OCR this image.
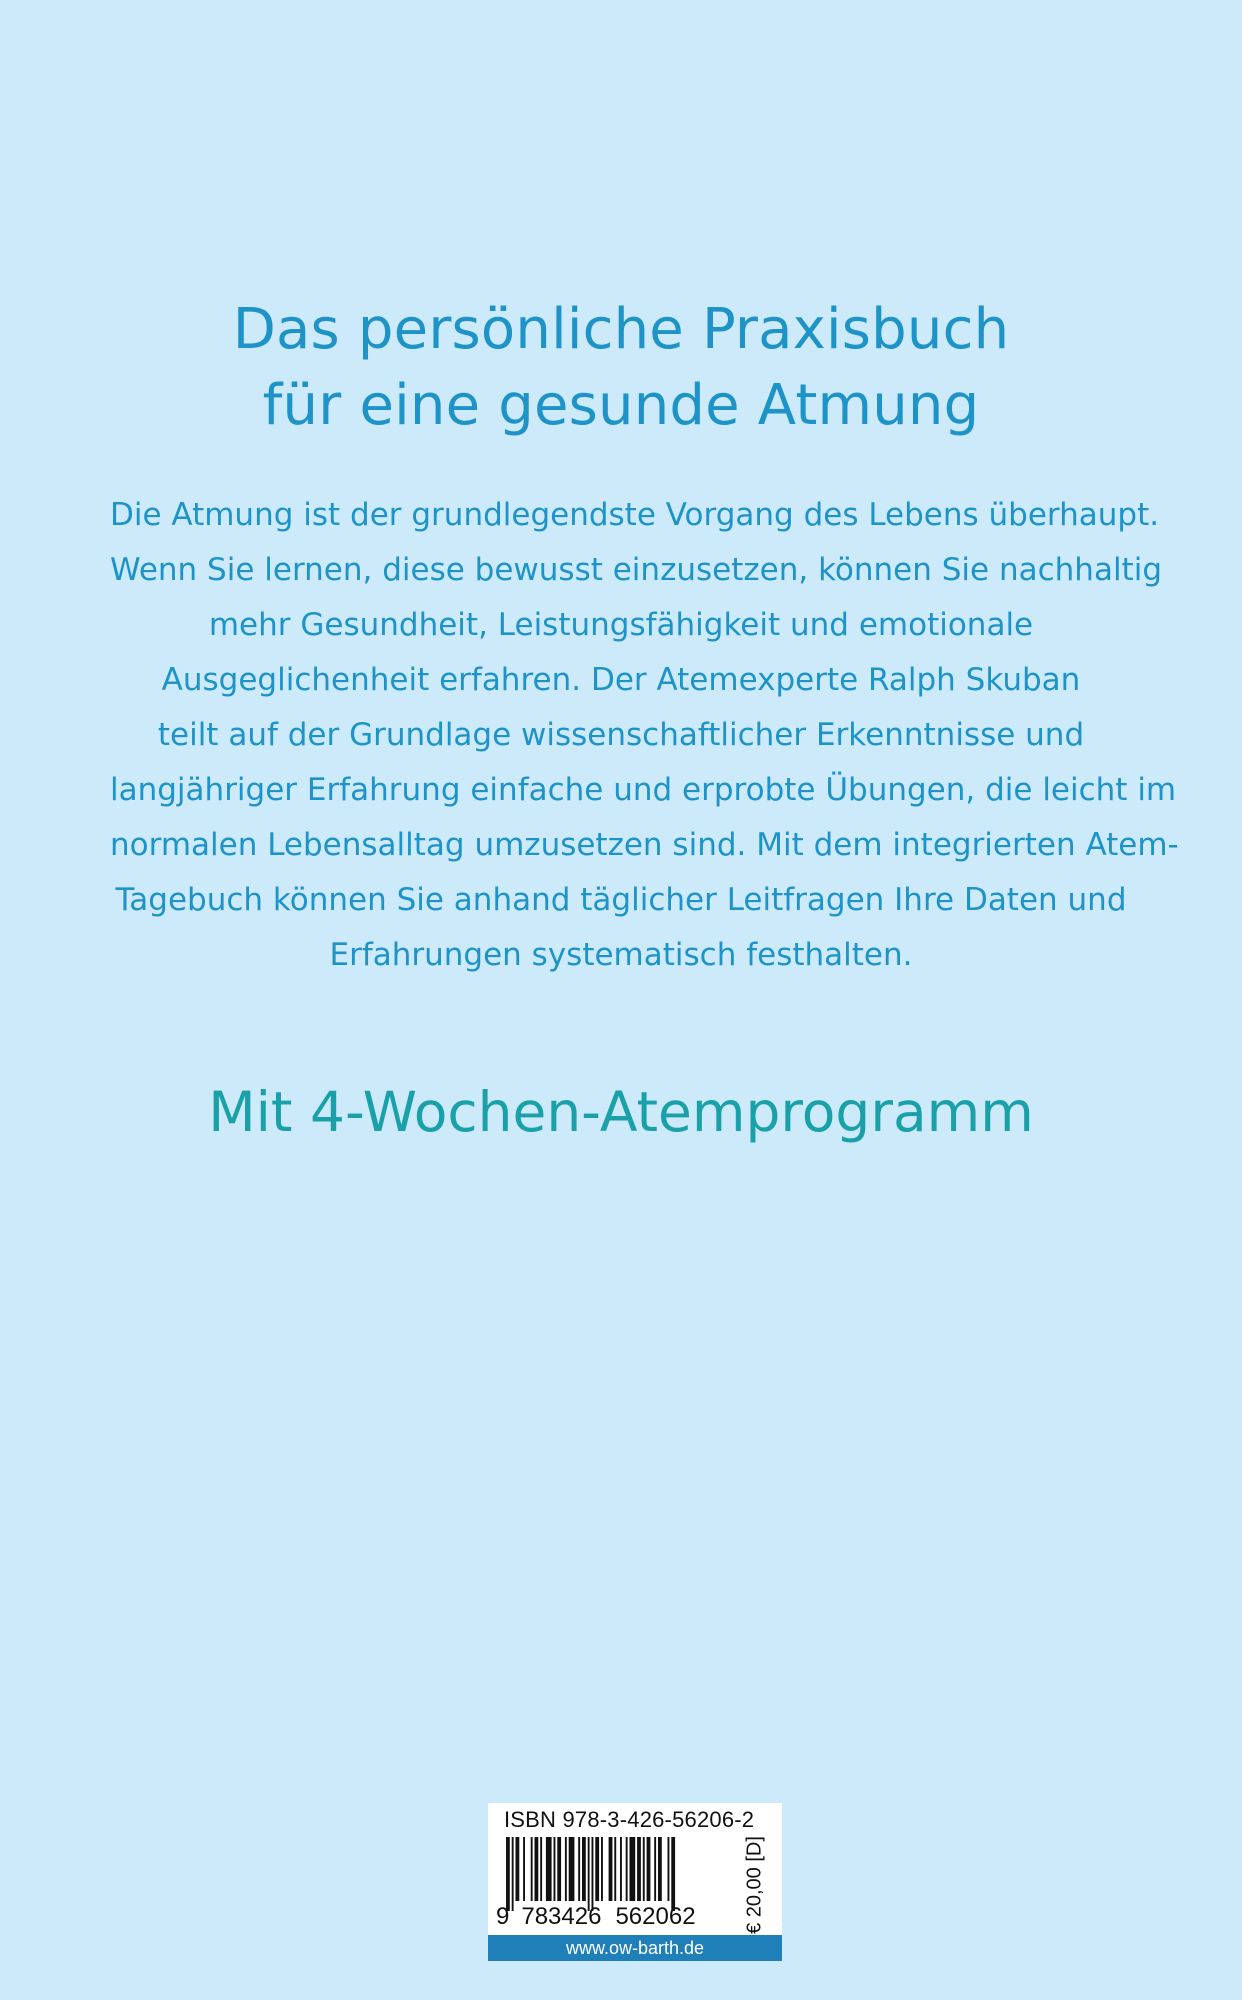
Das persönliche Praxisbuch
für eine gesunde Atmung
Die Atmung ist der grundlegendste Vorgang des Lebens überhaupt.
Wenn Sie lernen, diese bewusst einzusetzen, können Sie nachhaltig
mehr Gesundheit, Leistungsfähigkeit und emotionale
Ausgeglichenheit erfahren. Der Atemexperte Ralph Skuban
teilt auf der Grundlage wissenschaftlicher Erkenntnisse und
langjähriger Erfahrung einfache und erprobte Übungen, die leicht im
normalen Lebensalltag umzusetzen sind. Mit dem integrierten Atem-
Tagebuch können Sie anhand täglicher Leitfragen Ihre Daten und
Erfahrungen systematisch festhalten.
Mit 4-Wochen-Atemprogramm
ISBN 978-3-426-56206-2
9 783426 562062 € 20,00 [D]
www.ow-barth.de
